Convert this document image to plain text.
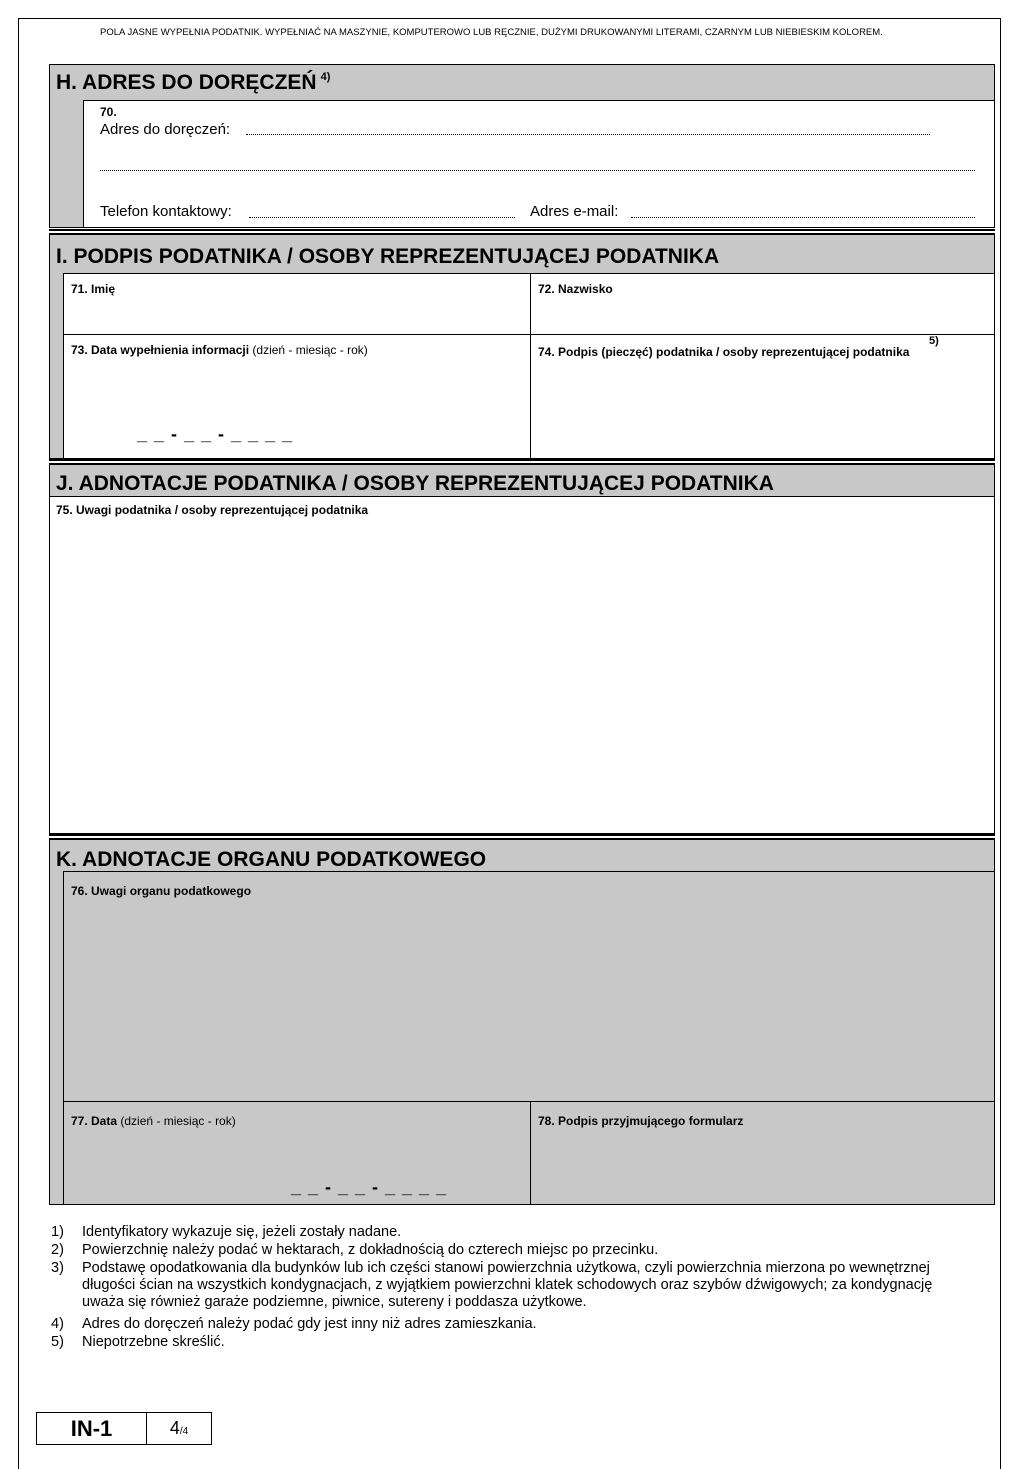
POLA JASNE WYPEŁNIA PODATNIK. WYPEŁNIAĆ NA MASZYNIE, KOMPUTEROWO LUB RĘCZNIE, DUŻYMI DRUKOWANYMI LITERAMI, CZARNYM LUB NIEBIESKIM KOLOREM.
H. ADRES DO DORĘCZEŃ $^{4)}$
70.
Adres do doręczeń:
Telefon kontaktowy:	Adres e-mail:
I. PODPIS PODATNIKA / OSOBY REPREZENTUJĄCEJ PODATNIKA
71. Imię	72. Nazwisko
73. Data wypełnienia informacji (dzień - miesiąc - rok)
_ _ - _ _ - _ _ _ _
74. Podpis (pieczęć) podatnika / osoby reprezentującej podatnika
5)
J. ADNOTACJE PODATNIKA / OSOBY REPREZENTUJĄCEJ PODATNIKA
75. Uwagi podatnika / osoby reprezentującej podatnika
K. ADNOTACJE ORGANU PODATKOWEGO
76. Uwagi organu podatkowego
77. Data (dzień - miesiąc - rok)
_ _ - _ _ - _ _ _ _
78. Podpis przyjmującego formularz
1) Identyfikatory wykazuje się, jeżeli zostały nadane.
2) Powierzchnię należy podać w hektarach, z dokładnością do czterech miejsc po przecinku.
3) Podstawę opodatkowania dla budynków lub ich części stanowi powierzchnia użytkowa, czyli powierzchnia mierzona po wewnętrznej długości ścian na wszystkich kondygnacjach, z wyjątkiem powierzchni klatek schodowych oraz szybów dźwigowych; za kondygnację uważa się również garaże podziemne, piwnice, sutereny i poddasza użytkowe.
4) Adres do doręczeń należy podać gdy jest inny niż adres zamieszkania.
5) Niepotrzebne skreślić.
IN-1	4/4
